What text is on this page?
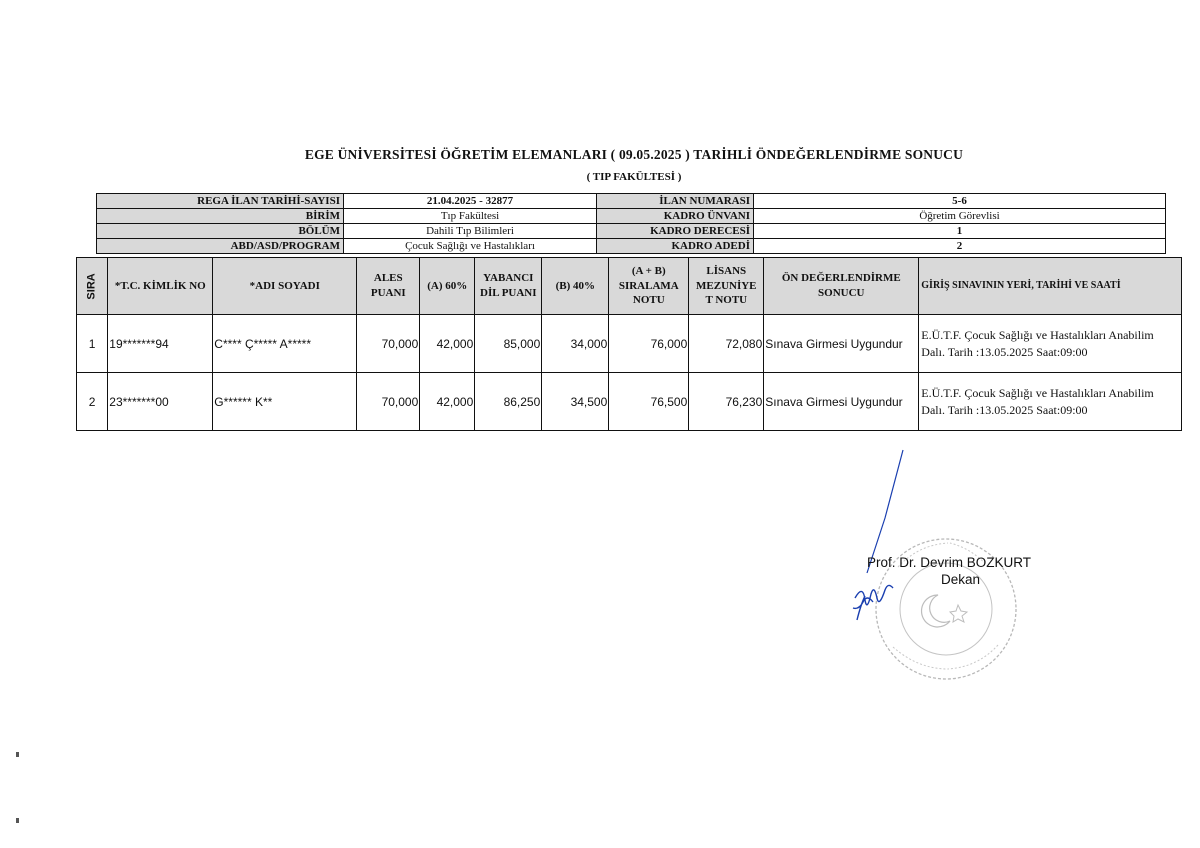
EGE ÜNİVERSİTESİ ÖĞRETİM ELEMANLARI ( 09.05.2025 ) TARİHLİ ÖNDEĞERLENDİRME SONUCU
( TIP FAKÜLTESİ )
REGA İLAN TARİHİ-SAYISI	21.04.2025 - 32877	İLAN NUMARASI	5-6
BİRİM	Tıp Fakültesi	KADRO ÜNVANI	Öğretim Görevlisi
BÖLÜM	Dahili Tıp Bilimleri	KADRO DERECESİ	1
ABD/ASD/PROGRAM	Çocuk Sağlığı ve Hastalıkları	KADRO ADEDİ	2
SIRA	*T.C. KİMLİK NO	*ADI SOYADI	ALES PUANI	(A) 60%	YABANCI DİL PUANI	(B) 40%	(A + B) SIRALAMA NOTU	LİSANS MEZUNİYE T NOTU	ÖN DEĞERLENDİRME SONUCU	GİRİŞ SINAVININ YERİ, TARİHİ VE SAATİ
1	19*******94	C**** Ç***** A*****	70,000	42,000	85,000	34,000	76,000	72,080	Sınava Girmesi Uygundur	E.Ü.T.F. Çocuk Sağlığı ve Hastalıkları Anabilim Dalı. Tarih :13.05.2025 Saat:09:00
2	23*******00	G****** K**	70,000	42,000	86,250	34,500	76,500	76,230	Sınava Girmesi Uygundur	E.Ü.T.F. Çocuk Sağlığı ve Hastalıkları Anabilim Dalı. Tarih :13.05.2025 Saat:09:00
Prof. Dr. Devrim BOZKURT
Dekan
